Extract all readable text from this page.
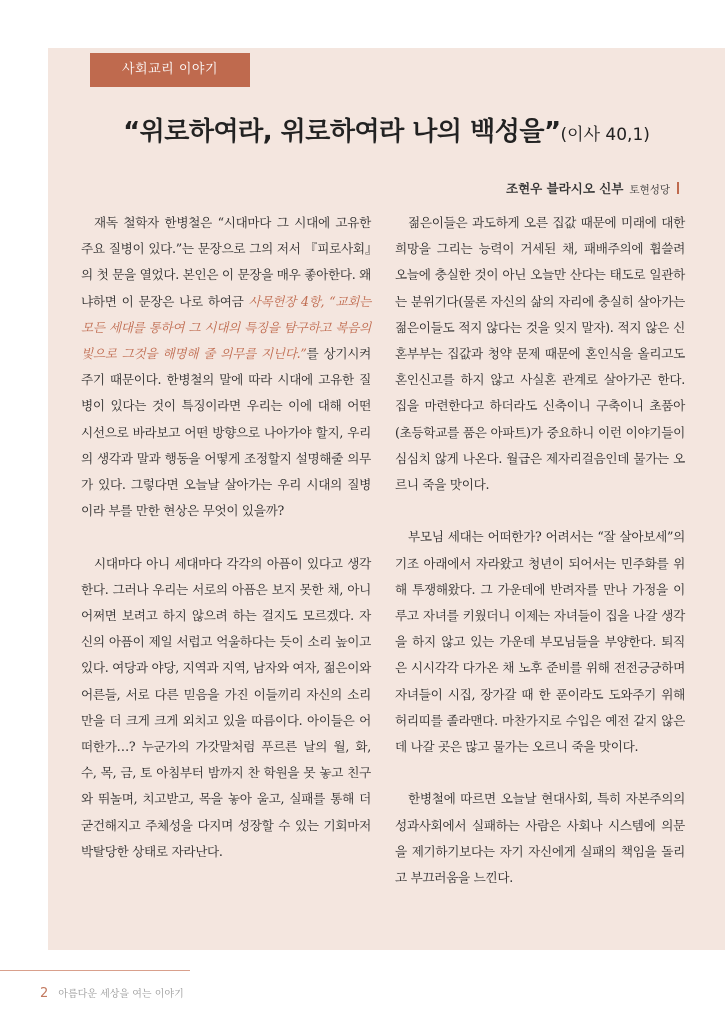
사회교리 이야기
“위로하여라, 위로하여라 나의 백성을”(이사 40,1)
조현우 블라시오 신부 토현성당

재독 철학자 한병철은 “시대마다 그 시대에 고유한 주요 질병이 있다.”는 문장으로 그의 저서 『피로사회』의 첫 문을 열었다. 본인은 이 문장을 매우 좋아한다. 왜냐하면 이 문장은 나로 하여금 사목헌장 4항, “교회는 모든 세대를 통하여 그 시대의 특징을 탐구하고 복음의 빛으로 그것을 해명해 줄 의무를 지닌다.”를 상기시켜주기 때문이다. 한병철의 말에 따라 시대에 고유한 질병이 있다는 것이 특징이라면 우리는 이에 대해 어떤 시선으로 바라보고 어떤 방향으로 나아가야 할지, 우리의 생각과 말과 행동을 어떻게 조정할지 설명해줄 의무가 있다. 그렇다면 오늘날 살아가는 우리 시대의 질병이라 부를 만한 현상은 무엇이 있을까?

시대마다 아니 세대마다 각각의 아픔이 있다고 생각한다. 그러나 우리는 서로의 아픔은 보지 못한 채, 아니 어쩌면 보려고 하지 않으려 하는 걸지도 모르겠다. 자신의 아픔이 제일 서럽고 억울하다는 듯이 소리 높이고 있다. 여당과 야당, 지역과 지역, 남자와 여자, 젊은이와 어른들, 서로 다른 믿음을 가진 이들끼리 자신의 소리만을 더 크게 크게 외치고 있을 따름이다. 아이들은 어떠한가…? 누군가의 가갓말처럼 푸르른 날의 월, 화, 수, 목, 금, 토 아침부터 밤까지 찬 학원을 못 놓고 친구와 뛰놀며, 치고받고, 목을 놓아 울고, 실패를 통해 더 굳건해지고 주체성을 다지며 성장할 수 있는 기회마저 박탈당한 상태로 자라난다.

젊은이들은 과도하게 오른 집값 때문에 미래에 대한 희망을 그리는 능력이 거세된 채, 패배주의에 휩쓸려 오늘에 충실한 것이 아닌 오늘만 산다는 태도로 일관하는 분위기다(물론 자신의 삶의 자리에 충실히 살아가는 젊은이들도 적지 않다는 것을 잊지 말자). 적지 않은 신혼부부는 집값과 청약 문제 때문에 혼인식을 올리고도 혼인신고를 하지 않고 사실혼 관계로 살아가곤 한다. 집을 마련한다고 하더라도 신축이니 구축이니 초품아(초등학교를 품은 아파트)가 중요하니 이런 이야기들이 심심치 않게 나온다. 월급은 제자리걸음인데 물가는 오르니 죽을 맛이다.

부모님 세대는 어떠한가? 어려서는 “잘 살아보세”의 기조 아래에서 자라왔고 청년이 되어서는 민주화를 위해 투쟁해왔다. 그 가운데에 반려자를 만나 가정을 이루고 자녀를 키웠더니 이제는 자녀들이 집을 나갈 생각을 하지 않고 있는 가운데 부모님들을 부양한다. 퇴직은 시시각각 다가온 채 노후 준비를 위해 전전긍긍하며 자녀들이 시집, 장가갈 때 한 푼이라도 도와주기 위해 허리띠를 졸라맨다. 마찬가지로 수입은 예전 같지 않은데 나갈 곳은 많고 물가는 오르니 죽을 맛이다.

한병철에 따르면 오늘날 현대사회, 특히 자본주의의 성과사회에서 실패하는 사람은 사회나 시스템에 의문을 제기하기보다는 자기 자신에게 실패의 책임을 돌리고 부끄러움을 느낀다.

2 아름다운 세상을 여는 이야기
